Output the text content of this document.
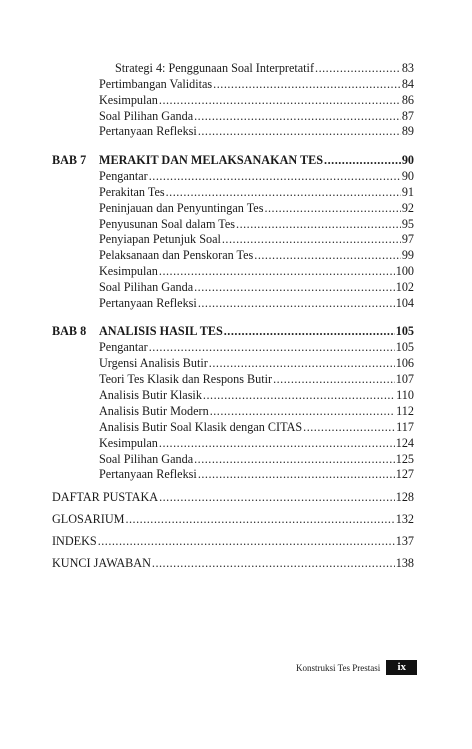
Strategi 4: Penggunaan Soal Interpretatif .....	83
Pertimbangan Validitas .....	84
Kesimpulan .....	86
Soal Pilihan Ganda .....	87
Pertanyaan Refleksi .....	89
BAB 7 MERAKIT DAN MELAKSANAKAN TES .....	90
Pengantar .....	90
Perakitan Tes .....	91
Peninjauan dan Penyuntingan Tes .....	92
Penyusunan Soal dalam Tes .....	95
Penyiapan Petunjuk Soal .....	97
Pelaksanaan dan Penskoran Tes .....	99
Kesimpulan .....	100
Soal Pilihan Ganda .....	102
Pertanyaan Refleksi .....	104
BAB 8 ANALISIS HASIL TES .....	105
Pengantar .....	105
Urgensi Analisis Butir .....	106
Teori Tes Klasik dan Respons Butir .....	107
Analisis Butir Klasik .....	110
Analisis Butir Modern .....	112
Analisis Butir Soal Klasik dengan CITAS .....	117
Kesimpulan .....	124
Soal Pilihan Ganda .....	125
Pertanyaan Refleksi .....	127
DAFTAR PUSTAKA .....	128
GLOSARIUM .....	132
INDEKS .....	137
KUNCI JAWABAN .....	138
Konstruksi Tes Prestasi	ix
